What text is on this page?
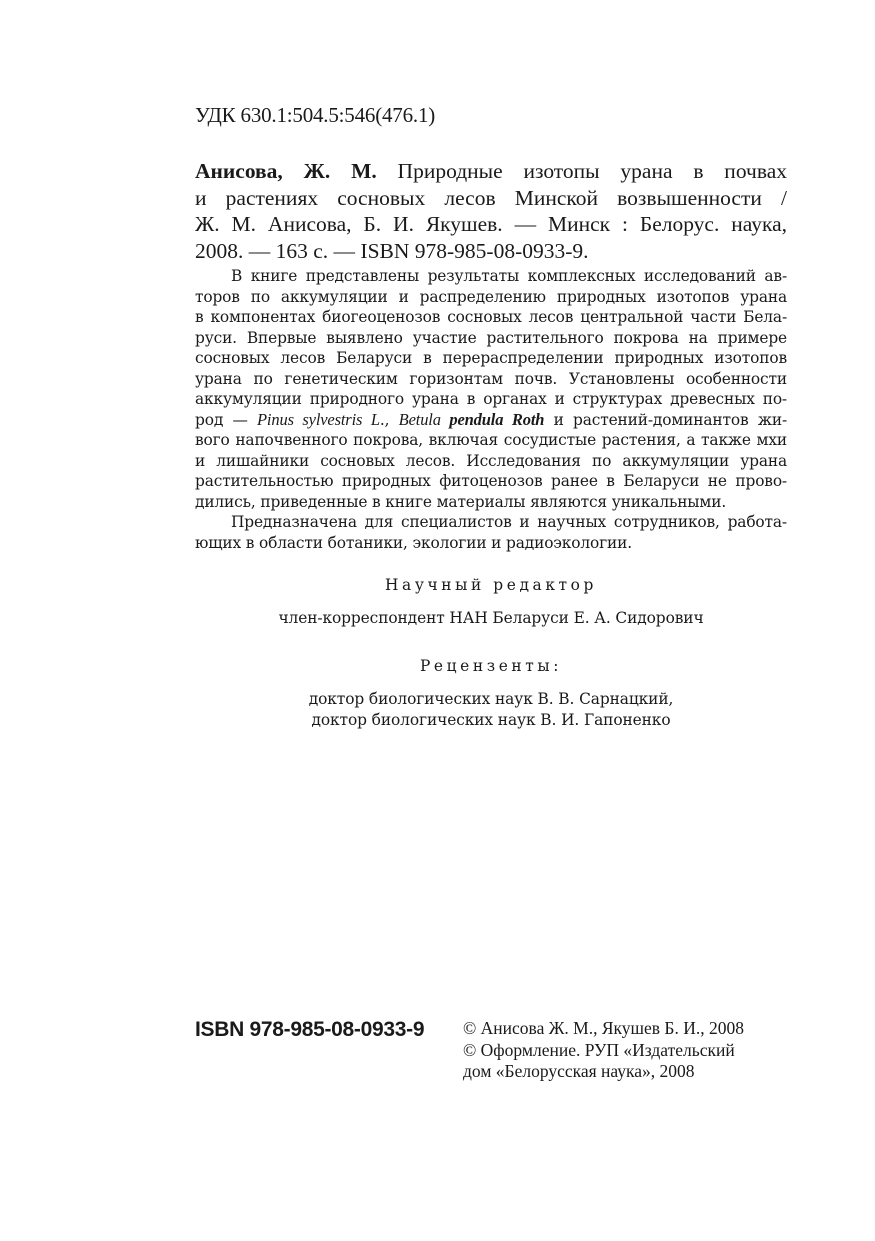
УДК 630.1:504.5:546(476.1)
Анисова, Ж. М. Природные изотопы урана в почвах
и растениях сосновых лесов Минской возвышенности /
Ж. М. Анисова, Б. И. Якушев. — Минск : Белорус. наука,
2008. — 163 с. — ISBN 978-985-08-0933-9.
В книге представлены результаты комплексных исследований ав-
торов по аккумуляции и распределению природных изотопов урана
в компонентах биогеоценозов сосновых лесов центральной части Бела-
руси. Впервые выявлено участие растительного покрова на примере
сосновых лесов Беларуси в перераспределении природных изотопов
урана по генетическим горизонтам почв. Установлены особенности
аккумуляции природного урана в органах и структурах древесных по-
род — Pinus sylvestris L., Betula pendula Roth и растений-доминантов жи-
вого напочвенного покрова, включая сосудистые растения, а также мхи
и лишайники сосновых лесов. Исследования по аккумуляции урана
растительностью природных фитоценозов ранее в Беларуси не прово-
дились, приведенные в книге материалы являются уникальными.
Предназначена для специалистов и научных сотрудников, работа-
ющих в области ботаники, экологии и радиоэкологии.
Научный редактор
член-корреспондент НАН Беларуси Е. А. Сидорович
Рецензенты:
доктор биологических наук В. В. Сарнацкий,
доктор биологических наук В. И. Гапоненко
ISBN 978-985-08-0933-9 © Анисова Ж. М., Якушев Б. И., 2008
© Оформление. РУП «Издательский
дом «Белорусская наука», 2008
